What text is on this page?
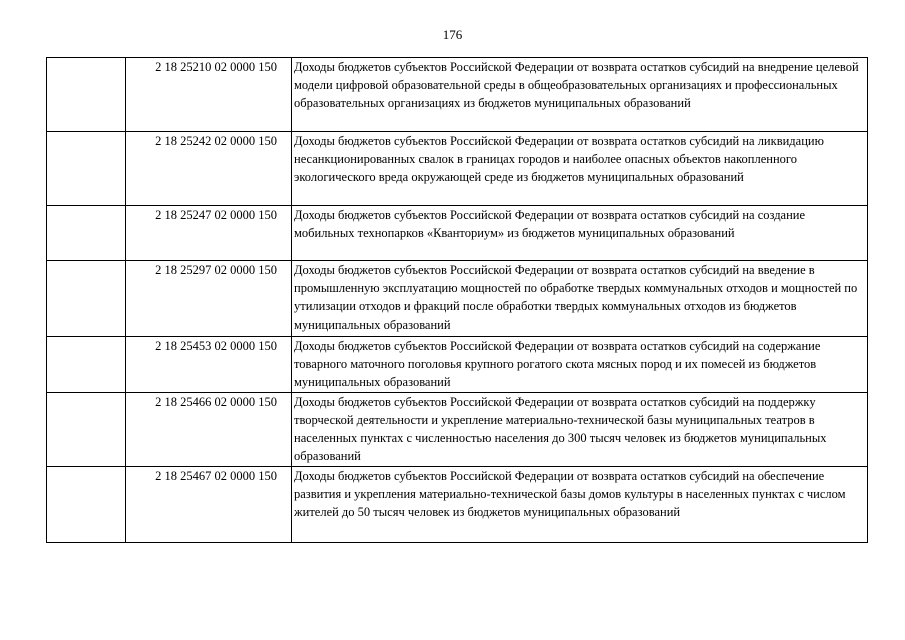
176
	2 18 25210 02 0000 150	Доходы бюджетов субъектов Российской Федерации от возврата остатков субсидий на внедрение целевой модели цифровой образовательной среды в общеобразовательных организациях и профессиональных образовательных организациях из бюджетов муниципальных образований
	2 18 25242 02 0000 150	Доходы бюджетов субъектов Российской Федерации от возврата остатков субсидий на ликвидацию несанкционированных свалок в границах городов и наиболее опасных объектов накопленного экологического вреда окружающей среде из бюджетов муниципальных образований
	2 18 25247 02 0000 150	Доходы бюджетов субъектов Российской Федерации от возврата остатков субсидий на создание мобильных технопарков «Кванториум» из бюджетов муниципальных образований
	2 18 25297 02 0000 150	Доходы бюджетов субъектов Российской Федерации от возврата остатков субсидий на введение в промышленную эксплуатацию мощностей по обработке твердых коммунальных отходов и мощностей по утилизации отходов и фракций после обработки твердых коммунальных отходов из бюджетов муниципальных образований
	2 18 25453 02 0000 150	Доходы бюджетов субъектов Российской Федерации от возврата остатков субсидий на содержание товарного маточного поголовья крупного рогатого скота мясных пород и их помесей из бюджетов муниципальных образований
	2 18 25466 02 0000 150	Доходы бюджетов субъектов Российской Федерации от возврата остатков субсидий на поддержку творческой деятельности и укрепление материально-технической базы муниципальных театров в населенных пунктах с численностью населения до 300 тысяч человек из бюджетов муниципальных образований
	2 18 25467 02 0000 150	Доходы бюджетов субъектов Российской Федерации от возврата остатков субсидий на обеспечение развития и укрепления материально-технической базы домов культуры в населенных пунктах с числом жителей до 50 тысяч человек из бюджетов муниципальных образований
